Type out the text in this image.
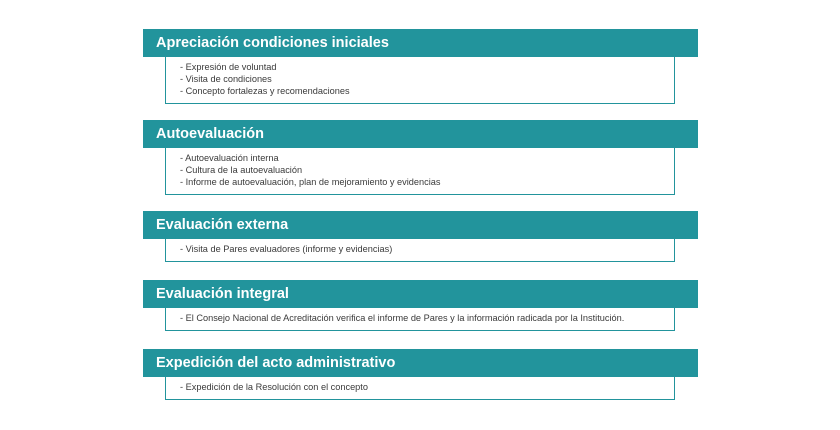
Apreciación condiciones iniciales
- Expresión de voluntad
- Visita de condiciones
- Concepto fortalezas y recomendaciones
Autoevaluación
- Autoevaluación interna
- Cultura de la autoevaluación
- Informe de autoevaluación, plan de mejoramiento y evidencias
Evaluación externa
- Visita de Pares evaluadores (informe y evidencias)
Evaluación integral
- El Consejo Nacional de Acreditación verifica el informe de Pares y la información radicada por la Institución.
Expedición del acto administrativo
- Expedición de la Resolución con el concepto
